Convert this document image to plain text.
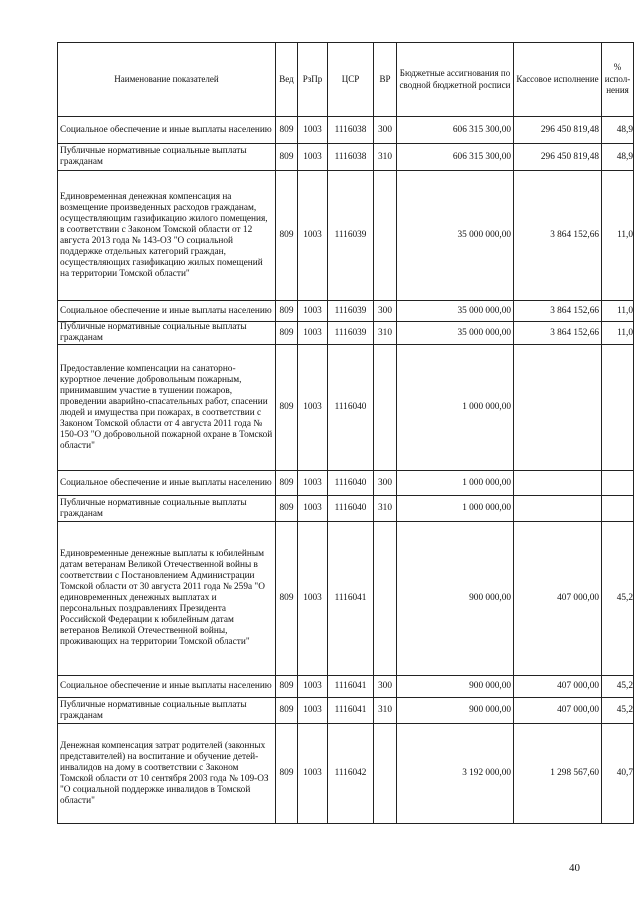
Наименование показателей	Вед	РзПр	ЦСР	ВР	Бюджетные ассигнования по сводной бюджетной росписи	Кассовое исполнение	% испол-нения
Социальное обеспечение и иные выплаты населению	809	1003	1116038	300	606 315 300,00	296 450 819,48	48,9
Публичные нормативные социальные выплаты гражданам	809	1003	1116038	310	606 315 300,00	296 450 819,48	48,9
Единовременная денежная компенсация на возмещение произведенных расходов гражданам, осуществляющим газификацию жилого помещения, в соответствии с Законом Томской области от 12 августа 2013 года № 143-ОЗ "О социальной поддержке отдельных категорий граждан, осуществляющих газификацию жилых помещений на территории Томской области"	809	1003	1116039		35 000 000,00	3 864 152,66	11,0
Социальное обеспечение и иные выплаты населению	809	1003	1116039	300	35 000 000,00	3 864 152,66	11,0
Публичные нормативные социальные выплаты гражданам	809	1003	1116039	310	35 000 000,00	3 864 152,66	11,0
Предоставление компенсации на санаторно-курортное лечение добровольным пожарным, принимавшим участие в тушении пожаров, проведении аварийно-спасательных работ, спасении людей и имущества при пожарах, в соответствии с Законом Томской области от 4 августа 2011 года № 150-ОЗ "О добровольной пожарной охране в Томской области"	809	1003	1116040		1 000 000,00		
Социальное обеспечение и иные выплаты населению	809	1003	1116040	300	1 000 000,00		
Публичные нормативные социальные выплаты гражданам	809	1003	1116040	310	1 000 000,00		
Единовременные денежные выплаты к юбилейным датам ветеранам Великой Отечественной войны в соответствии с Постановлением Администрации Томской области от 30 августа 2011 года № 259а "О единовременных денежных выплатах и персональных поздравлениях Президента Российской Федерации к юбилейным датам ветеранов Великой Отечественной войны, проживающих на территории Томской области"	809	1003	1116041		900 000,00	407 000,00	45,2
Социальное обеспечение и иные выплаты населению	809	1003	1116041	300	900 000,00	407 000,00	45,2
Публичные нормативные социальные выплаты гражданам	809	1003	1116041	310	900 000,00	407 000,00	45,2
Денежная компенсация затрат родителей (законных представителей) на воспитание и обучение детей-инвалидов на дому в соответствии с Законом Томской области от 10 сентября 2003 года № 109-ОЗ "О социальной поддержке инвалидов в Томской области"	809	1003	1116042		3 192 000,00	1 298 567,60	40,7
40
